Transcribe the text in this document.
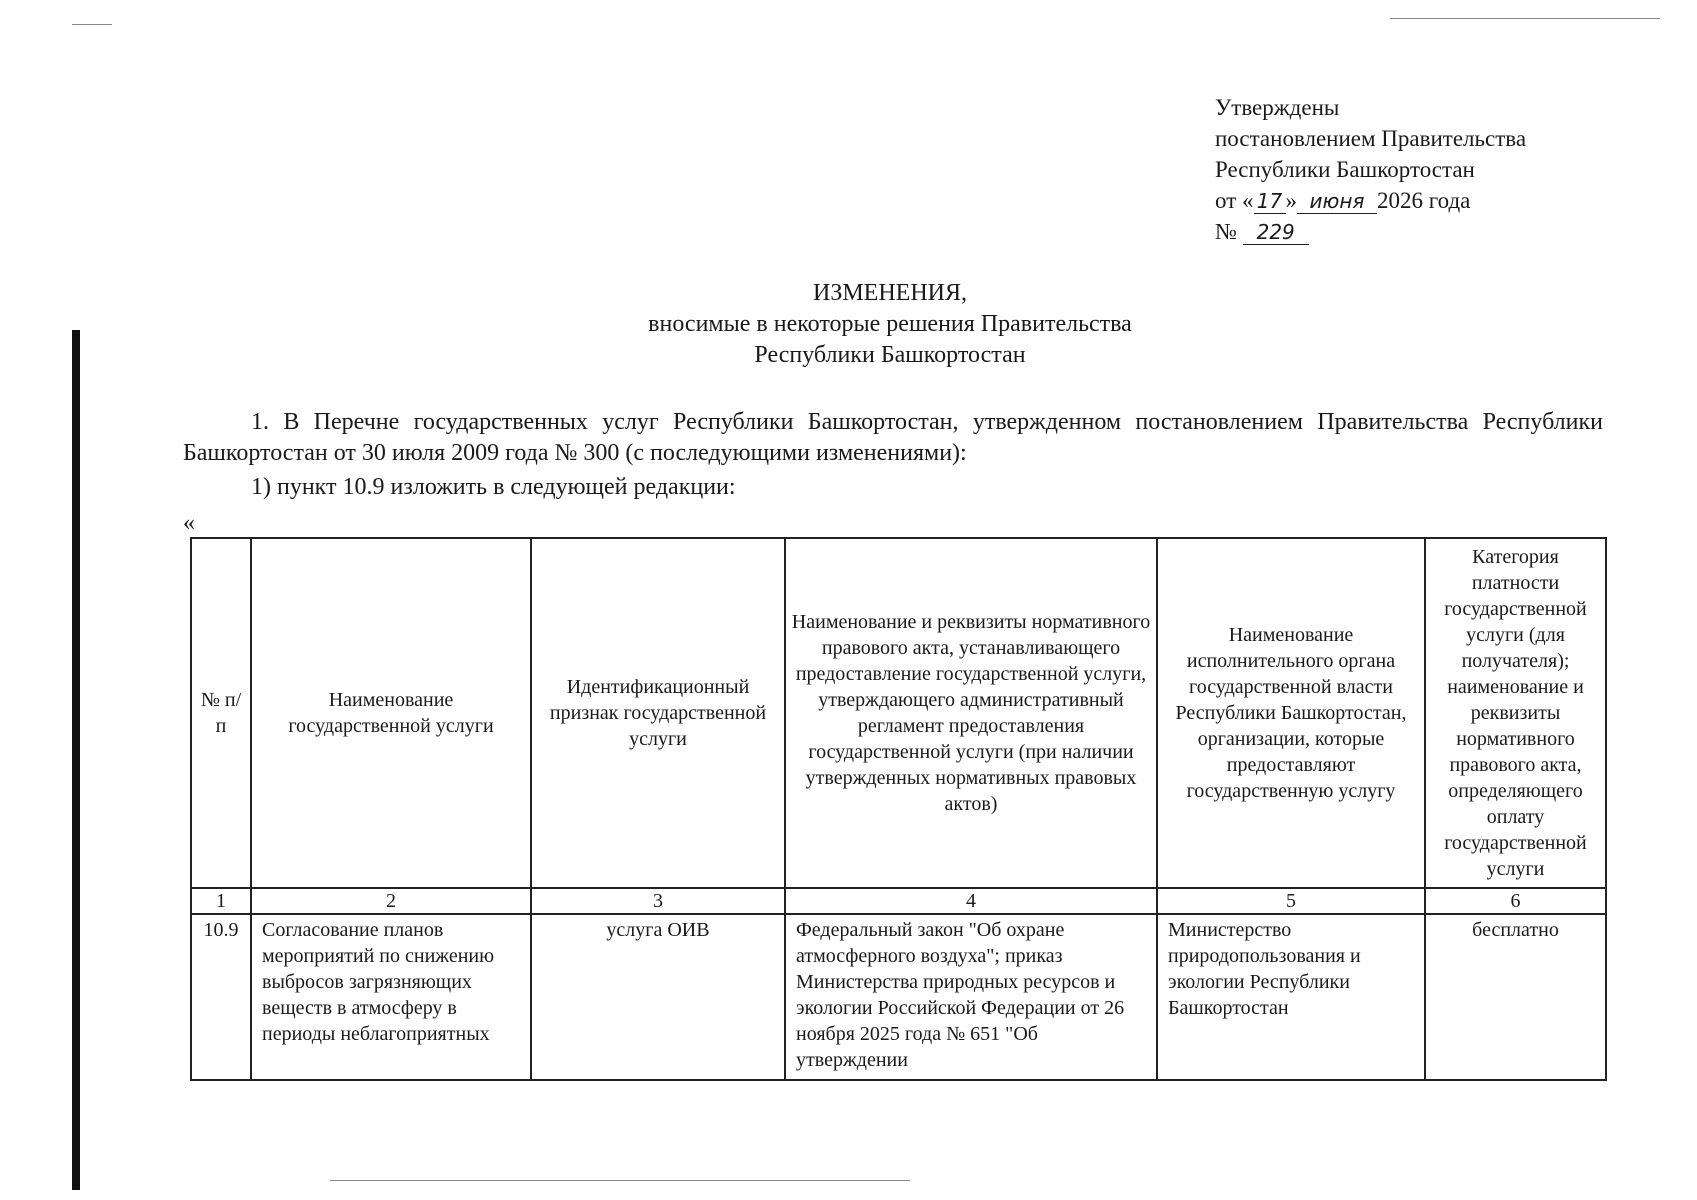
Утверждены
постановлением Правительства
Республики Башкортостан
от « 17 » июня 2026 года
№ 229
ИЗМЕНЕНИЯ,
вносимые в некоторые решения Правительства
Республики Башкортостан
1. В Перечне государственных услуг Республики Башкортостан, утвержденном постановлением Правительства Республики Башкортостан от 30 июля 2009 года № 300 (с последующими изменениями):
1) пункт 10.9 изложить в следующей редакции:
«
№ п/п	Наименование государственной услуги	Идентификационный признак государственной услуги	Наименование и реквизиты нормативного правового акта, устанавливающего предоставление государственной услуги, утверждающего административный регламент предоставления государственной услуги (при наличии утвержденных нормативных правовых актов)	Наименование исполнительного органа государственной власти Республики Башкортостан, организации, которые предоставляют государственную услугу	Категория платности государственной услуги (для получателя); наименование и реквизиты нормативного правового акта, определяющего оплату государственной услуги
1	2	3	4	5	6
10.9	Согласование планов мероприятий по снижению выбросов загрязняющих веществ в атмосферу в периоды неблагоприятных	услуга ОИВ	Федеральный закон "Об охране атмосферного воздуха"; приказ Министерства природных ресурсов и экологии Российской Федерации от 26 ноября 2025 года № 651 "Об утверждении	Министерство природопользования и экологии Республики Башкортостан	бесплатно
